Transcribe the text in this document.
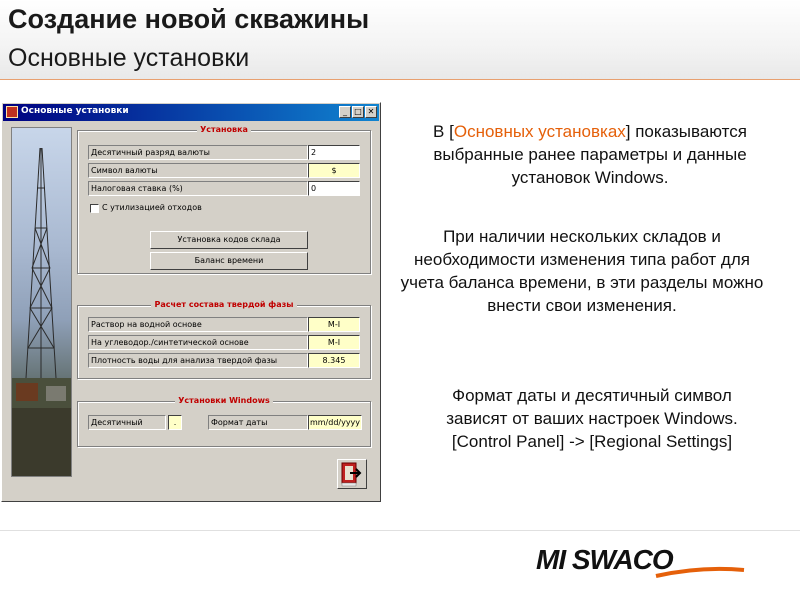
Создание новой скважины
Основные установки
Основные установки	_ □ ✕
Установка
Десятичный разряд валюты	2
Символ валюты	$
Налоговая ставка (%)	0
С утилизацией отходов
Установка кодов склада
Баланс времени
Расчет состава твердой фазы
Раствор на водной основе	M-I
На углеводор./синтетической основе	M-I
Плотность воды для анализа твердой фазы	8.345
Установки Windows
Десятичный	.	Формат даты	mm/dd/yyyy
В [Основных установках] показываются выбранные ранее параметры и данные установок Windows.
При наличии нескольких складов и необходимости изменения типа работ для учета баланса времени, в эти разделы можно внести свои изменения.
Формат даты и десятичный символ
зависят от ваших настроек Windows.
[Control Panel] -> [Regional Settings]
MI SWACO
